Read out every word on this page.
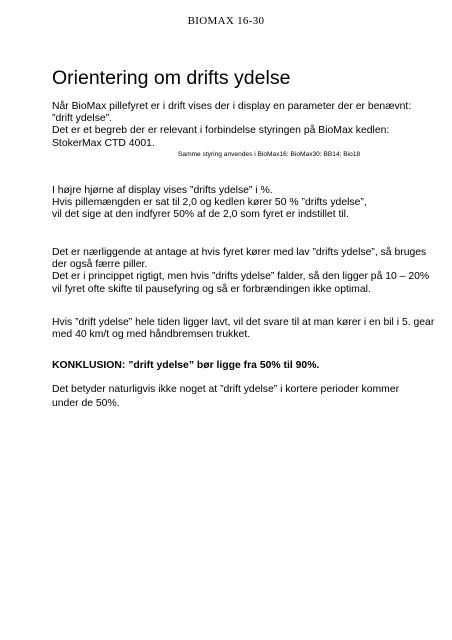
BIOMAX 16-30
Orientering om drifts ydelse
Når BioMax pillefyret er i drift vises der i display en parameter der er benævnt:
”drift ydelse”.
Det er et begreb der er relevant i forbindelse styringen på BioMax kedlen:
StokerMax CTD 4001.
Samme styring anvendes i BioMax16; BioMax30; BB14; Bio18
I højre hjørne af display vises ”drifts ydelse” i %.
Hvis pillemængden er sat til 2,0 og kedlen kører 50 % ”drifts ydelse”,
vil det sige at den indfyrer 50% af de 2,0 som fyret er indstillet til.
Det er nærliggende at antage at hvis fyret kører med lav ”drifts ydelse”, så bruges
der også færre piller.
Det er i princippet rigtigt, men hvis ”drifts ydelse” falder, så den ligger på 10 – 20%
vil fyret ofte skifte til pausefyring og så er forbrændingen ikke optimal.
Hvis ”drift ydelse” hele tiden ligger lavt, vil det svare til at man kører i en bil i 5. gear
med 40 km/t og med håndbremsen trukket.
KONKLUSION: ”drift ydelse” bør ligge fra 50% til 90%.
Det betyder naturligvis ikke noget at ”drift ydelse” i kortere perioder kommer
under de 50%.
